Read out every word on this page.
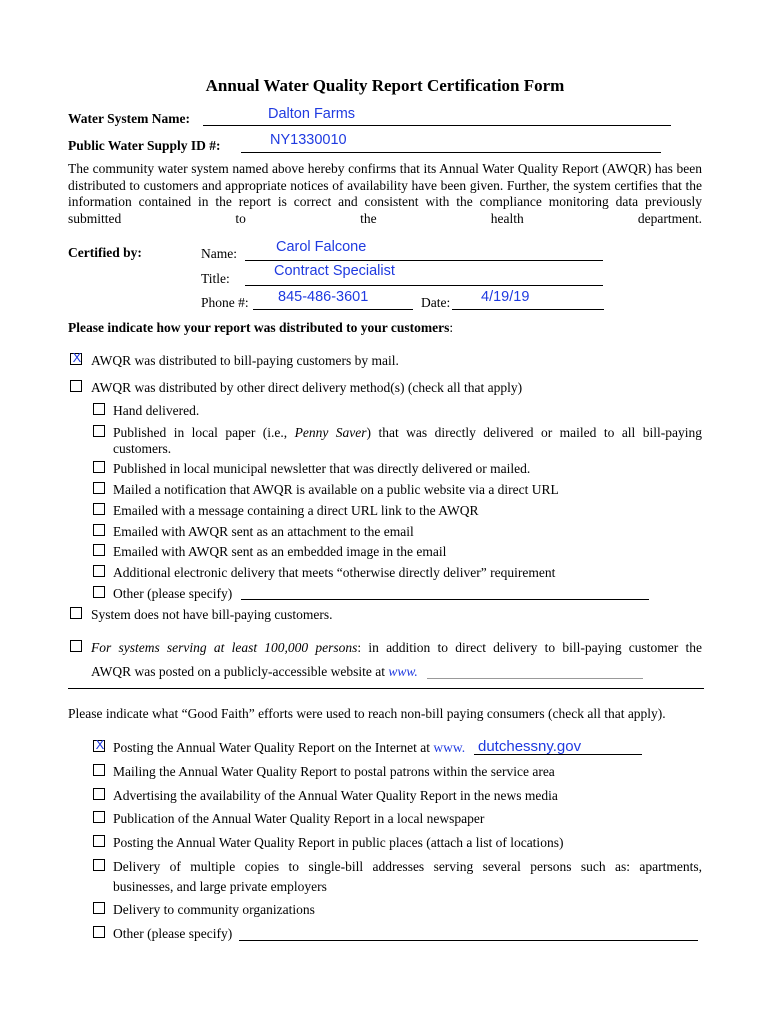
Annual Water Quality Report Certification Form
Water System Name:	Dalton Farms
Public Water Supply ID #:	NY1330010
The community water system named above hereby confirms that its Annual Water Quality Report (AWQR) has been distributed to customers and appropriate notices of availability have been given. Further, the system certifies that the information contained in the report is correct and consistent with the compliance monitoring data previously submitted to the health department.
Certified by:	Name:	Carol Falcone
Title:	Contract Specialist
Phone #: 845-486-3601	Date: 4/19/19
Please indicate how your report was distributed to your customers:
X AWQR was distributed to bill-paying customers by mail.
AWQR was distributed by other direct delivery method(s) (check all that apply)
Hand delivered.
Published in local paper (i.e., Penny Saver) that was directly delivered or mailed to all bill-paying
customers.
Published in local municipal newsletter that was directly delivered or mailed.
Mailed a notification that AWQR is available on a public website via a direct URL
Emailed with a message containing a direct URL link to the AWQR
Emailed with AWQR sent as an attachment to the email
Emailed with AWQR sent as an embedded image in the email
Additional electronic delivery that meets “otherwise directly deliver” requirement
Other (please specify)
System does not have bill-paying customers.
For systems serving at least 100,000 persons: in addition to direct delivery to bill-paying customer the
AWQR was posted on a publicly-accessible website at www.
Please indicate what “Good Faith” efforts were used to reach non-bill paying consumers (check all that apply).
X Posting the Annual Water Quality Report on the Internet at www. dutchessny.gov
Mailing the Annual Water Quality Report to postal patrons within the service area
Advertising the availability of the Annual Water Quality Report in the news media
Publication of the Annual Water Quality Report in a local newspaper
Posting the Annual Water Quality Report in public places (attach a list of locations)
Delivery of multiple copies to single-bill addresses serving several persons such as: apartments,
businesses, and large private employers
Delivery to community organizations
Other (please specify)
